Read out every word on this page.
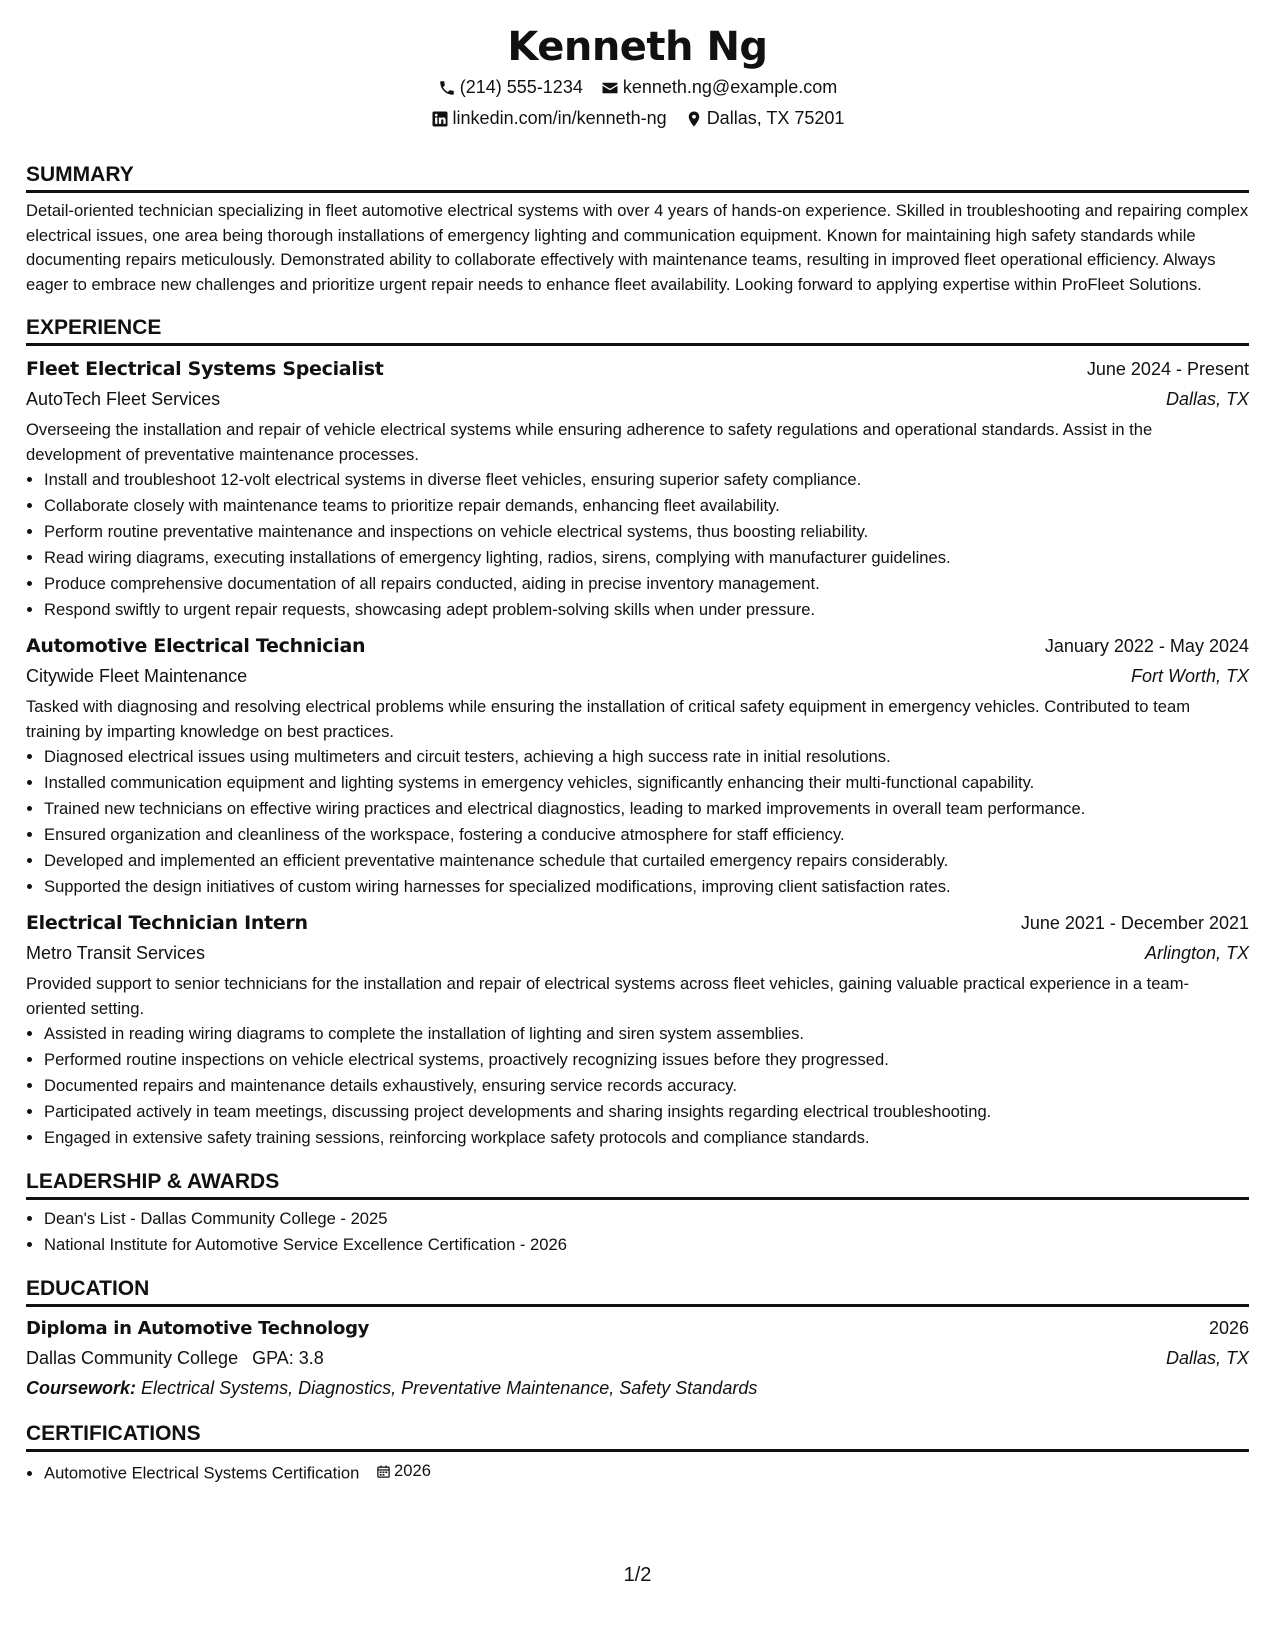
Kenneth Ng
(214) 555-1234 kenneth.ng@example.com
linkedin.com/in/kenneth-ng Dallas, TX 75201
SUMMARY

Detail-oriented technician specializing in fleet automotive electrical systems with over 4 years of hands-on experience. Skilled in troubleshooting and repairing complex electrical issues, one area being thorough installations of emergency lighting and communication equipment. Known for maintaining high safety standards while documenting repairs meticulously. Demonstrated ability to collaborate effectively with maintenance teams, resulting in improved fleet operational efficiency. Always eager to embrace new challenges and prioritize urgent repair needs to enhance fleet availability. Looking forward to applying expertise within ProFleet Solutions.

EXPERIENCE
Fleet Electrical Systems Specialist	June 2024 - Present
AutoTech Fleet Services	Dallas, TX
Overseeing the installation and repair of vehicle electrical systems while ensuring adherence to safety regulations and operational standards. Assist in the development of preventative maintenance processes.
• Install and troubleshoot 12-volt electrical systems in diverse fleet vehicles, ensuring superior safety compliance.
• Collaborate closely with maintenance teams to prioritize repair demands, enhancing fleet availability.
• Perform routine preventative maintenance and inspections on vehicle electrical systems, thus boosting reliability.
• Read wiring diagrams, executing installations of emergency lighting, radios, sirens, complying with manufacturer guidelines.
• Produce comprehensive documentation of all repairs conducted, aiding in precise inventory management.
• Respond swiftly to urgent repair requests, showcasing adept problem-solving skills when under pressure.
Automotive Electrical Technician	January 2022 - May 2024
Citywide Fleet Maintenance	Fort Worth, TX
Tasked with diagnosing and resolving electrical problems while ensuring the installation of critical safety equipment in emergency vehicles. Contributed to team training by imparting knowledge on best practices.
• Diagnosed electrical issues using multimeters and circuit testers, achieving a high success rate in initial resolutions.
• Installed communication equipment and lighting systems in emergency vehicles, significantly enhancing their multi-functional capability.
• Trained new technicians on effective wiring practices and electrical diagnostics, leading to marked improvements in overall team performance.
• Ensured organization and cleanliness of the workspace, fostering a conducive atmosphere for staff efficiency.
• Developed and implemented an efficient preventative maintenance schedule that curtailed emergency repairs considerably.
• Supported the design initiatives of custom wiring harnesses for specialized modifications, improving client satisfaction rates.
Electrical Technician Intern	June 2021 - December 2021
Metro Transit Services	Arlington, TX
Provided support to senior technicians for the installation and repair of electrical systems across fleet vehicles, gaining valuable practical experience in a team-oriented setting.
• Assisted in reading wiring diagrams to complete the installation of lighting and siren system assemblies.
• Performed routine inspections on vehicle electrical systems, proactively recognizing issues before they progressed.
• Documented repairs and maintenance details exhaustively, ensuring service records accuracy.
• Participated actively in team meetings, discussing project developments and sharing insights regarding electrical troubleshooting.
• Engaged in extensive safety training sessions, reinforcing workplace safety protocols and compliance standards.
LEADERSHIP & AWARDS
• Dean's List - Dallas Community College - 2025
• National Institute for Automotive Service Excellence Certification - 2026
EDUCATION
Diploma in Automotive Technology	2026
Dallas Community College GPA: 3.8	Dallas, TX
Coursework: Electrical Systems, Diagnostics, Preventative Maintenance, Safety Standards
CERTIFICATIONS
• Automotive Electrical Systems Certification 2026
1/2
